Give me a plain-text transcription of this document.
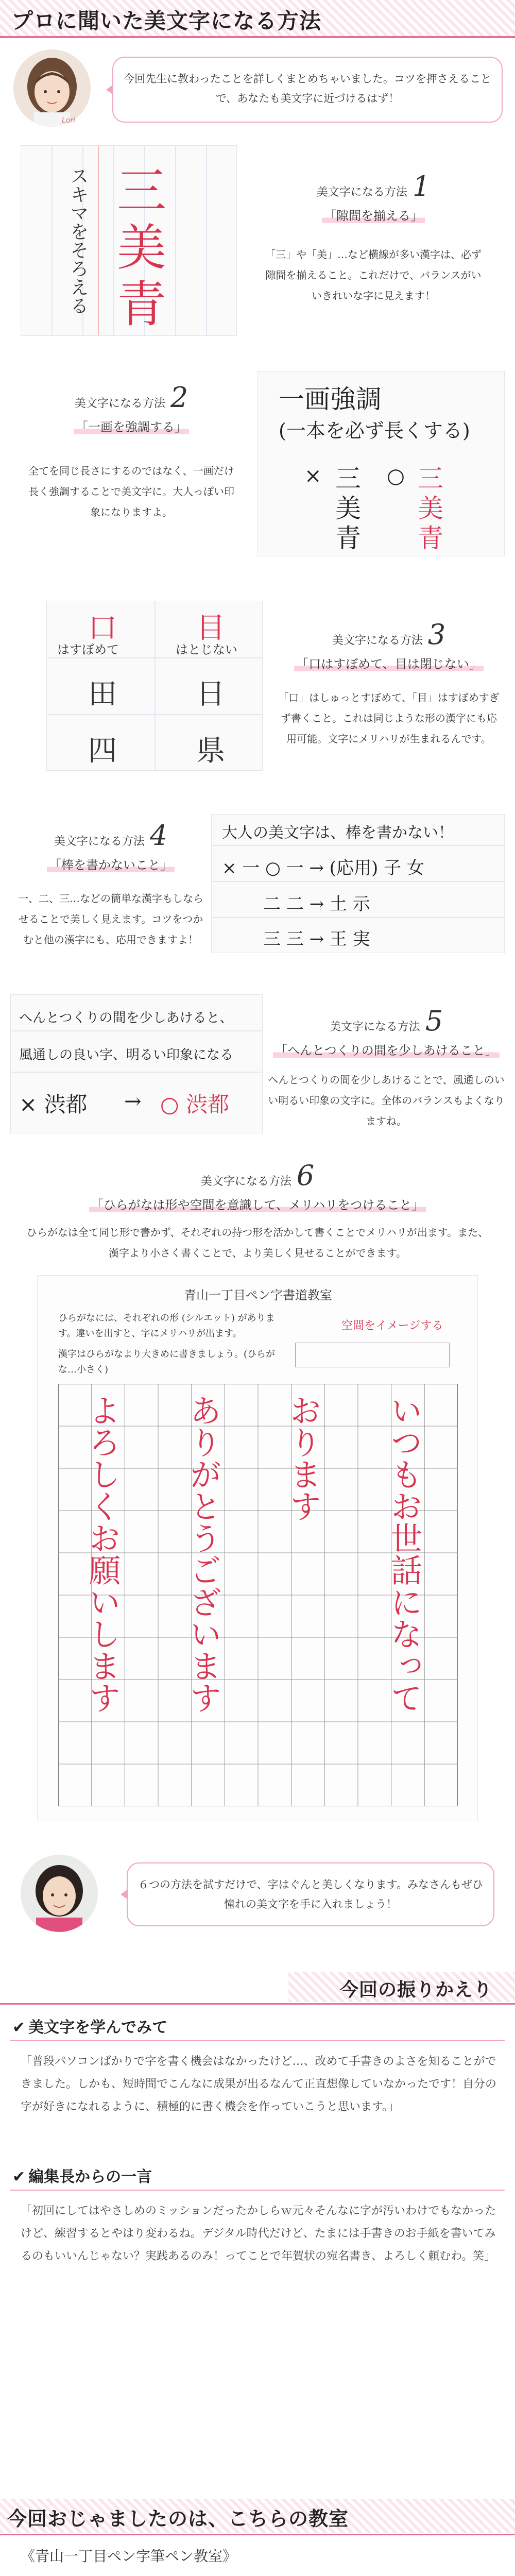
プロに聞いた美文字になる方法
Lori
今回先生に教わったことを詳しくまとめちゃいました。コツを押さえることで、あなたも美文字に近づけるはず！
スキマをそろえる 三
美
青
美文字になる方法 1
「隙間を揃える」
「三」や「美」…など横線が多い漢字は、必ず隙間を揃えること。これだけで、バランスがいいきれいな字に見えます！
美文字になる方法 2
「一画を強調する」
全てを同じ長さにするのではなく、一画だけ長く強調することで美文字に。大人っぽい印象になりますよ。
一画強調
(一本を必ず長くする)
× 三
美
青
○ 三
美
青
口
はすぼめて
田
四
目
はとじない
日
県
美文字になる方法 3
「口はすぼめて、目は閉じない」
「口」はしゅっとすぼめて、「目」はすぼめすぎず書くこと。これは同じような形の漢字にも応用可能。文字にメリハリが生まれるんです。
美文字になる方法 4
「棒を書かないこと」
一、二、三…などの簡単な漢字もしならせることで美しく見えます。コツをつかむと他の漢字にも、応用できますよ！
大人の美文字は、棒を書かない！
× 一 ○ 一 → (応用) 子 女
二 二 → 土 示
三 三 → 王 実
へんとつくりの間を少しあけると、
風通しの良い字、明るい印象になる
× 渋都 → ○ 渋都
美文字になる方法 5
「へんとつくりの間を少しあけること」
へんとつくりの間を少しあけることで、風通しのいい明るい印象の文字に。全体のバランスもよくなりますね。
美文字になる方法 6
「ひらがなは形や空間を意識して、メリハリをつけること」
ひらがなは全て同じ形で書かず、それぞれの持つ形を活かして書くことでメリハリが出ます。また、漢字より小さく書くことで、より美しく見せることができます。
青山一丁目ペン字書道教室
ひらがなには、それぞれの形 (シルエット) があります。違いを出すと、字にメリハリが出ます。
漢字はひらがなより大きめに書きましょう。(ひらがな…小さく)
空間をイメージする
いつもお世話になって
おります
ありがとうございます
よろしくお願いします
６つの方法を試すだけで、字はぐんと美しくなります。みなさんもぜひ憧れの美文字を手に入れましょう！
今回の振りかえり
✔ 美文字を学んでみて
「普段パソコンばかりで字を書く機会はなかったけど…、改めて手書きのよさを知ることができました。しかも、短時間でこんなに成果が出るなんて正直想像していなかったです！自分の字が好きになれるように、積極的に書く機会を作っていこうと思います。」
✔ 編集長からの一言
「初回にしてはやさしめのミッションだったかしらｗ元々そんなに字が汚いわけでもなかったけど、練習するとやはり変わるね。デジタル時代だけど、たまには手書きのお手紙を書いてみるのもいいんじゃない？実践あるのみ！ってことで年賀状の宛名書き、よろしく頼むわ。笑」
今回おじゃましたのは、こちらの教室
《青山一丁目ペン字筆ペン教室》
